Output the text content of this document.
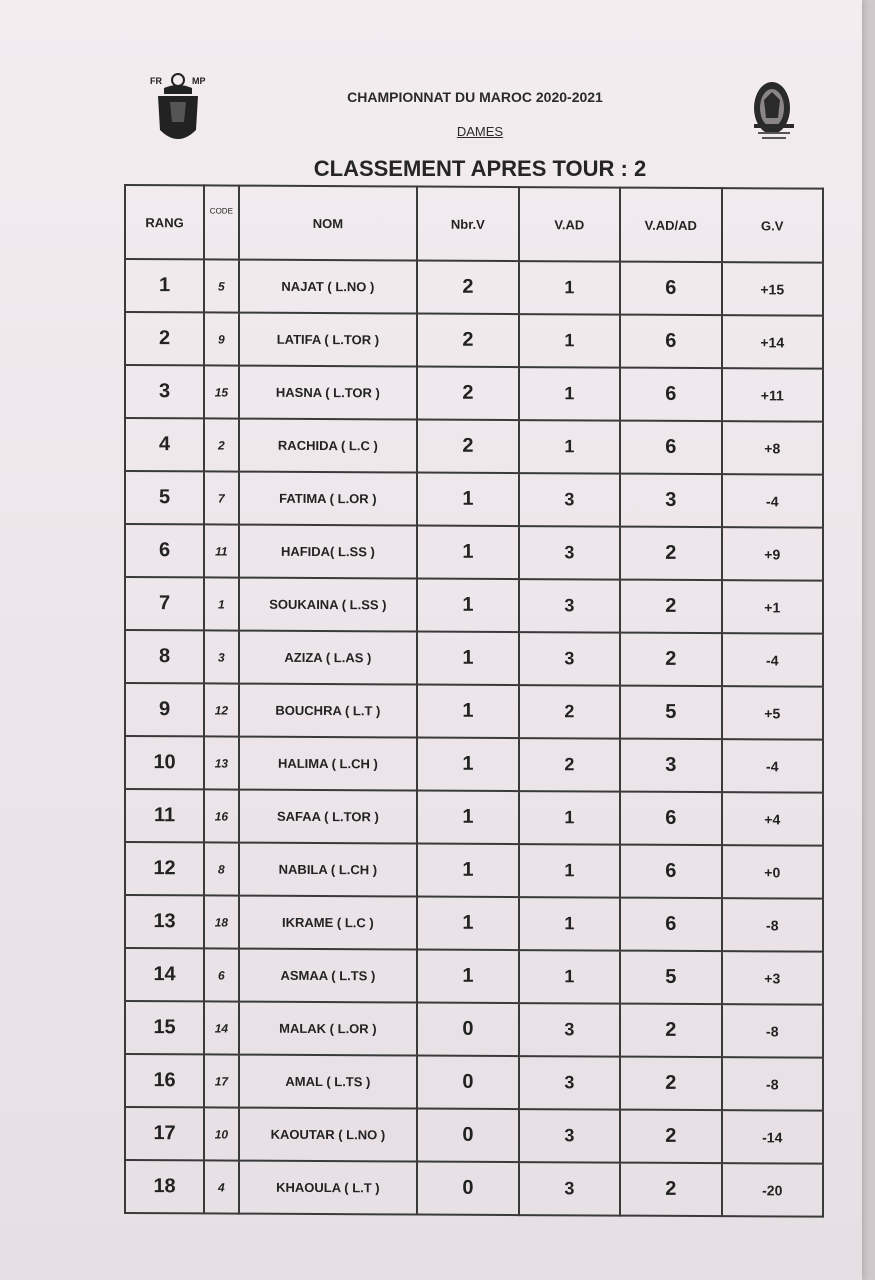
FR	MP
CHAMPIONNAT DU MAROC 2020-2021
DAMES
CLASSEMENT APRES TOUR : 2
RANG	CODE	NOM	Nbr.V	V.AD	V.AD/AD	G.V
1	5	NAJAT ( L.NO )	2	1	6	+15
2	9	LATIFA ( L.TOR )	2	1	6	+14
3	15	HASNA ( L.TOR )	2	1	6	+11
4	2	RACHIDA ( L.C )	2	1	6	+8
5	7	FATIMA ( L.OR )	1	3	3	-4
6	11	HAFIDA( L.SS )	1	3	2	+9
7	1	SOUKAINA ( L.SS )	1	3	2	+1
8	3	AZIZA ( L.AS )	1	3	2	-4
9	12	BOUCHRA ( L.T )	1	2	5	+5
10	13	HALIMA ( L.CH )	1	2	3	-4
11	16	SAFAA ( L.TOR )	1	1	6	+4
12	8	NABILA ( L.CH )	1	1	6	+0
13	18	IKRAME ( L.C )	1	1	6	-8
14	6	ASMAA ( L.TS )	1	1	5	+3
15	14	MALAK ( L.OR )	0	3	2	-8
16	17	AMAL ( L.TS )	0	3	2	-8
17	10	KAOUTAR ( L.NO )	0	3	2	-14
18	4	KHAOULA ( L.T )	0	3	2	-20
